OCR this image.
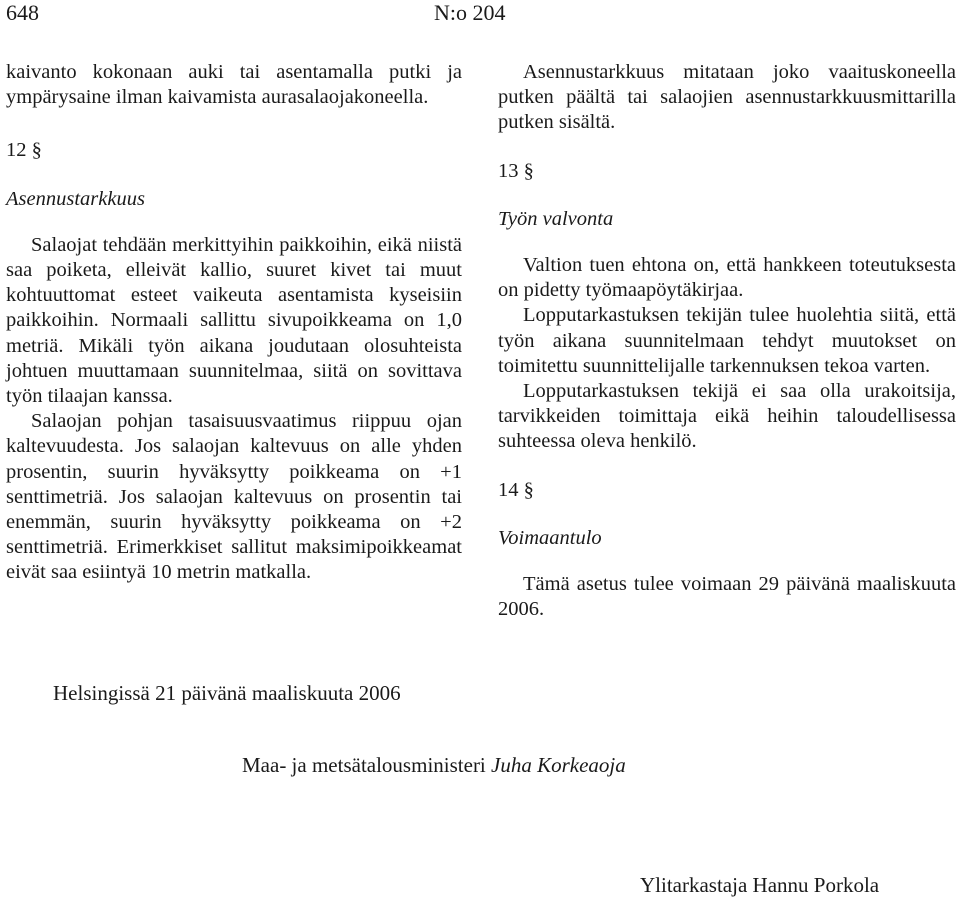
648	N:o 204

kaivanto kokonaan auki tai asentamalla putki ja ympärysaine ilman kaivamista aurasalaojakoneella.

12 §

Asennustarkkuus

Salaojat tehdään merkittyihin paikkoihin, eikä niistä saa poiketa, elleivät kallio, suuret kivet tai muut kohtuuttomat esteet vaikeuta asentamista kyseisiin paikkoihin. Normaali sallittu sivupoikkeama on 1,0 metriä. Mikäli työn aikana joudutaan olosuhteista johtuen muuttamaan suunnitelmaa, siitä on sovittava työn tilaajan kanssa.

Salaojan pohjan tasaisuusvaatimus riippuu ojan kaltevuudesta. Jos salaojan kaltevuus on alle yhden prosentin, suurin hyväksytty poikkeama on +1 senttimetriä. Jos salaojan kaltevuus on prosentin tai enemmän, suurin hyväksytty poikkeama on +2 senttimetriä. Erimerkkiset sallitut maksimipoikkeamat eivät saa esiintyä 10 metrin matkalla.

Asennustarkkuus mitataan joko vaaituskoneella putken päältä tai salaojien asennustarkkuusmittarilla putken sisältä.

13 §

Työn valvonta

Valtion tuen ehtona on, että hankkeen toteutuksesta on pidetty työmaapöytäkirjaa.

Lopputarkastuksen tekijän tulee huolehtia siitä, että työn aikana suunnitelmaan tehdyt muutokset on toimitettu suunnittelijalle tarkennuksen tekoa varten.

Lopputarkastuksen tekijä ei saa olla urakoitsija, tarvikkeiden toimittaja eikä heihin taloudellisessa suhteessa oleva henkilö.

14 §

Voimaantulo

Tämä asetus tulee voimaan 29 päivänä maaliskuuta 2006.

Helsingissä 21 päivänä maaliskuuta 2006
Maa- ja metsätalousministeri Juha Korkeaoja
Ylitarkastaja Hannu Porkola
